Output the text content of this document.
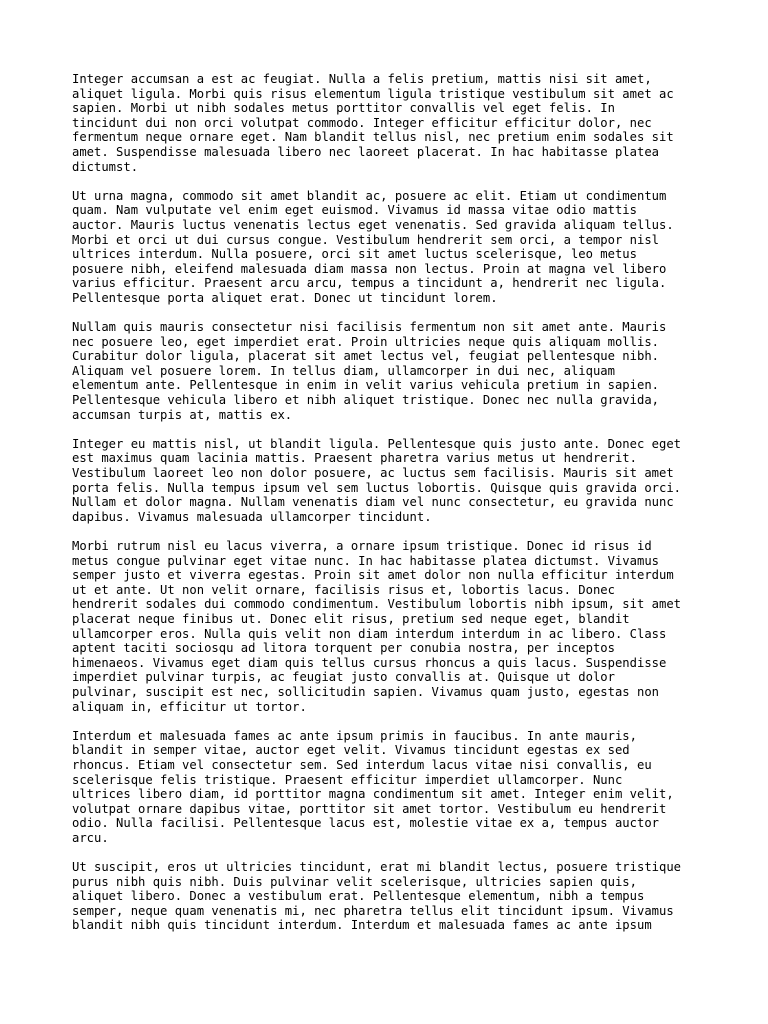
Integer accumsan a est ac feugiat. Nulla a felis pretium, mattis nisi sit amet,
aliquet ligula. Morbi quis risus elementum ligula tristique vestibulum sit amet ac
sapien. Morbi ut nibh sodales metus porttitor convallis vel eget felis. In
tincidunt dui non orci volutpat commodo. Integer efficitur efficitur dolor, nec
fermentum neque ornare eget. Nam blandit tellus nisl, nec pretium enim sodales sit
amet. Suspendisse malesuada libero nec laoreet placerat. In hac habitasse platea
dictumst.

Ut urna magna, commodo sit amet blandit ac, posuere ac elit. Etiam ut condimentum
quam. Nam vulputate vel enim eget euismod. Vivamus id massa vitae odio mattis
auctor. Mauris luctus venenatis lectus eget venenatis. Sed gravida aliquam tellus.
Morbi et orci ut dui cursus congue. Vestibulum hendrerit sem orci, a tempor nisl
ultrices interdum. Nulla posuere, orci sit amet luctus scelerisque, leo metus
posuere nibh, eleifend malesuada diam massa non lectus. Proin at magna vel libero
varius efficitur. Praesent arcu arcu, tempus a tincidunt a, hendrerit nec ligula.
Pellentesque porta aliquet erat. Donec ut tincidunt lorem.

Nullam quis mauris consectetur nisi facilisis fermentum non sit amet ante. Mauris
nec posuere leo, eget imperdiet erat. Proin ultricies neque quis aliquam mollis.
Curabitur dolor ligula, placerat sit amet lectus vel, feugiat pellentesque nibh.
Aliquam vel posuere lorem. In tellus diam, ullamcorper in dui nec, aliquam
elementum ante. Pellentesque in enim in velit varius vehicula pretium in sapien.
Pellentesque vehicula libero et nibh aliquet tristique. Donec nec nulla gravida,
accumsan turpis at, mattis ex.

Integer eu mattis nisl, ut blandit ligula. Pellentesque quis justo ante. Donec eget
est maximus quam lacinia mattis. Praesent pharetra varius metus ut hendrerit.
Vestibulum laoreet leo non dolor posuere, ac luctus sem facilisis. Mauris sit amet
porta felis. Nulla tempus ipsum vel sem luctus lobortis. Quisque quis gravida orci.
Nullam et dolor magna. Nullam venenatis diam vel nunc consectetur, eu gravida nunc
dapibus. Vivamus malesuada ullamcorper tincidunt.

Morbi rutrum nisl eu lacus viverra, a ornare ipsum tristique. Donec id risus id
metus congue pulvinar eget vitae nunc. In hac habitasse platea dictumst. Vivamus
semper justo et viverra egestas. Proin sit amet dolor non nulla efficitur interdum
ut et ante. Ut non velit ornare, facilisis risus et, lobortis lacus. Donec
hendrerit sodales dui commodo condimentum. Vestibulum lobortis nibh ipsum, sit amet
placerat neque finibus ut. Donec elit risus, pretium sed neque eget, blandit
ullamcorper eros. Nulla quis velit non diam interdum interdum in ac libero. Class
aptent taciti sociosqu ad litora torquent per conubia nostra, per inceptos
himenaeos. Vivamus eget diam quis tellus cursus rhoncus a quis lacus. Suspendisse
imperdiet pulvinar turpis, ac feugiat justo convallis at. Quisque ut dolor
pulvinar, suscipit est nec, sollicitudin sapien. Vivamus quam justo, egestas non
aliquam in, efficitur ut tortor.

Interdum et malesuada fames ac ante ipsum primis in faucibus. In ante mauris,
blandit in semper vitae, auctor eget velit. Vivamus tincidunt egestas ex sed
rhoncus. Etiam vel consectetur sem. Sed interdum lacus vitae nisi convallis, eu
scelerisque felis tristique. Praesent efficitur imperdiet ullamcorper. Nunc
ultrices libero diam, id porttitor magna condimentum sit amet. Integer enim velit,
volutpat ornare dapibus vitae, porttitor sit amet tortor. Vestibulum eu hendrerit
odio. Nulla facilisi. Pellentesque lacus est, molestie vitae ex a, tempus auctor
arcu.

Ut suscipit, eros ut ultricies tincidunt, erat mi blandit lectus, posuere tristique
purus nibh quis nibh. Duis pulvinar velit scelerisque, ultricies sapien quis,
aliquet libero. Donec a vestibulum erat. Pellentesque elementum, nibh a tempus
semper, neque quam venenatis mi, nec pharetra tellus elit tincidunt ipsum. Vivamus
blandit nibh quis tincidunt interdum. Interdum et malesuada fames ac ante ipsum
